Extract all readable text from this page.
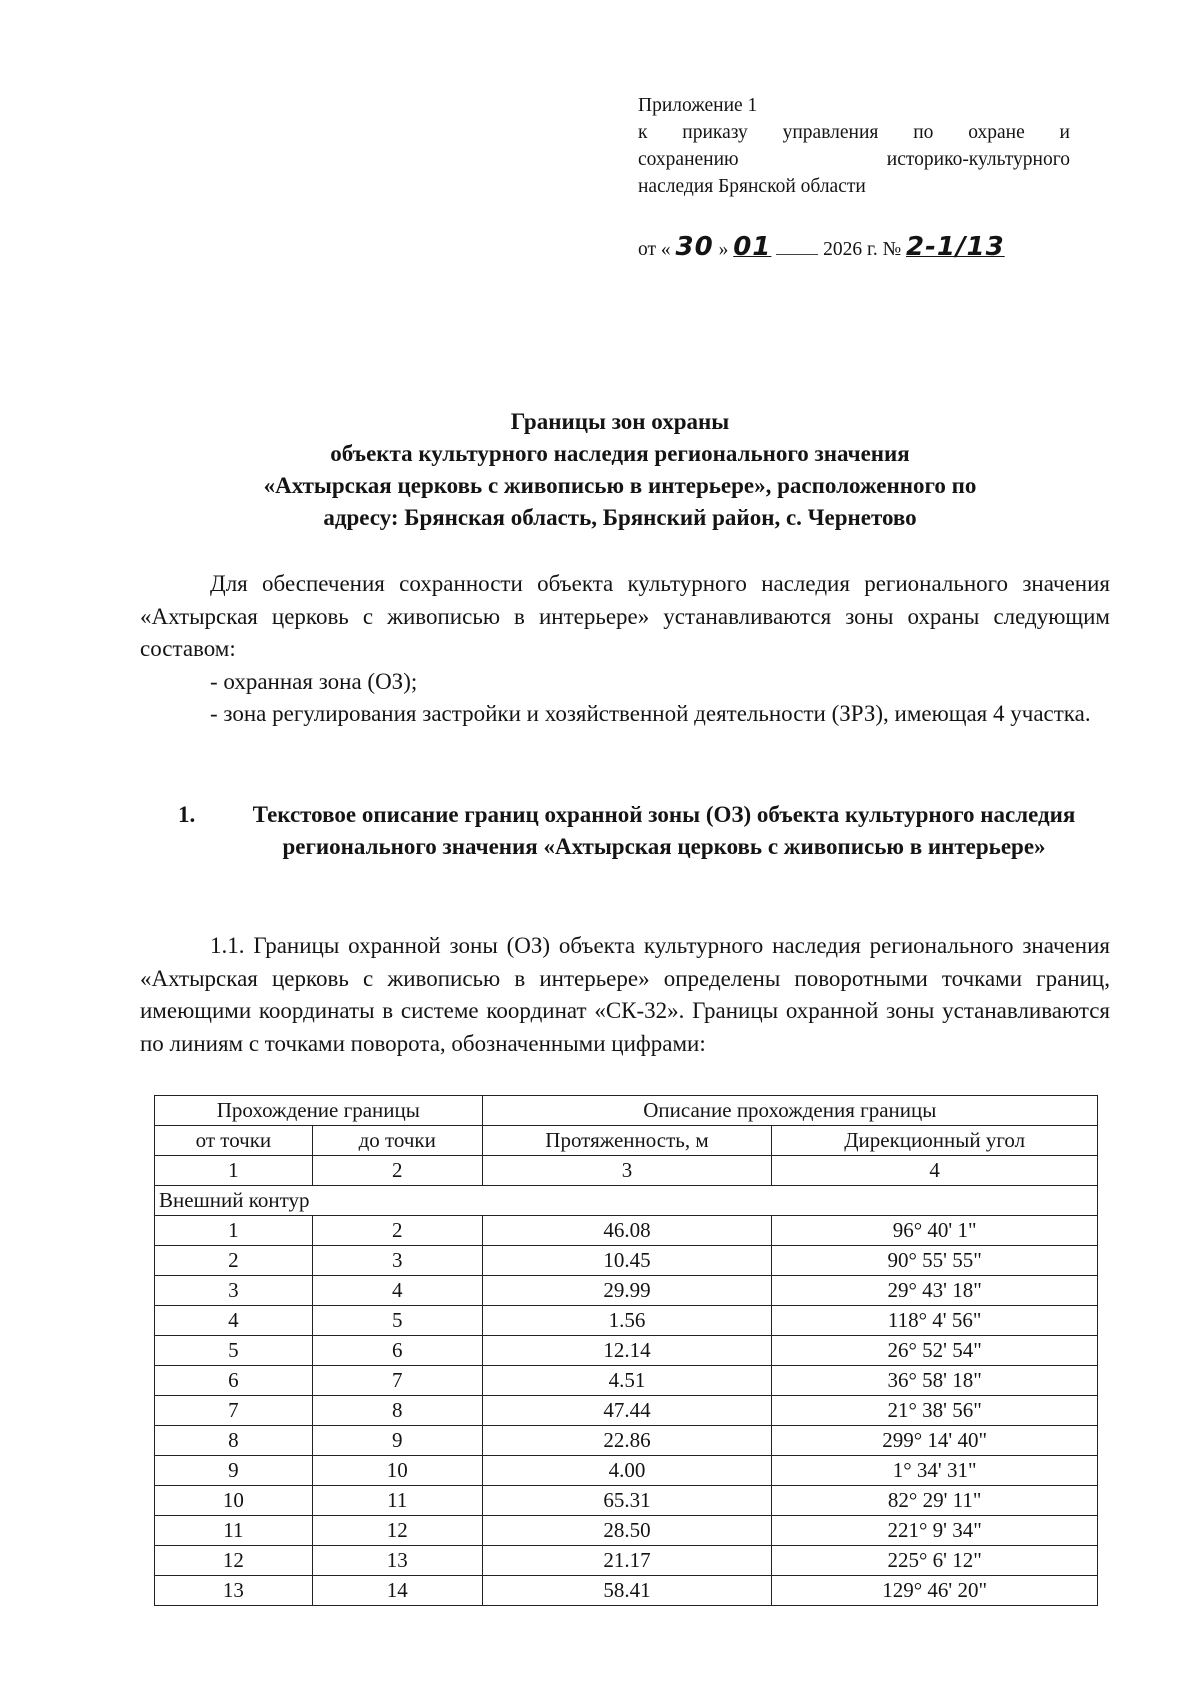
Приложение 1
к приказу управления по охране и
сохранению историко-культурного
наследия Брянской области
от « 30 » 01	2026 г. № 2-1/13
Границы зон охраны
объекта культурного наследия регионального значения
«Ахтырская церковь с живописью в интерьере», расположенного по
адресу: Брянская область, Брянский район, с. Чернетово
Для обеспечения сохранности объекта культурного наследия регионального значения «Ахтырская церковь с живописью в интерьере» устанавливаются зоны охраны следующим составом:
- охранная зона (ОЗ);
- зона регулирования застройки и хозяйственной деятельности (ЗРЗ), имеющая 4 участка.
1.	Текстовое описание границ охранной зоны (ОЗ) объекта культурного наследия регионального значения «Ахтырская церковь с живописью в интерьере»
1.1. Границы охранной зоны (ОЗ) объекта культурного наследия регионального значения «Ахтырская церковь с живописью в интерьере» определены поворотными точками границ, имеющими координаты в системе координат «СК-32». Границы охранной зоны устанавливаются по линиям с точками поворота, обозначенными цифрами:
Прохождение границы		Описание прохождения границы	
от точки	до точки	Протяженность, м	Дирекционный угол
1	2	3	4
Внешний контур			
1	2	46.08	96° 40' 1"
2	3	10.45	90° 55' 55"
3	4	29.99	29° 43' 18"
4	5	1.56	118° 4' 56"
5	6	12.14	26° 52' 54"
6	7	4.51	36° 58' 18"
7	8	47.44	21° 38' 56"
8	9	22.86	299° 14' 40"
9	10	4.00	1° 34' 31"
10	11	65.31	82° 29' 11"
11	12	28.50	221° 9' 34"
12	13	21.17	225° 6' 12"
13	14	58.41	129° 46' 20"
